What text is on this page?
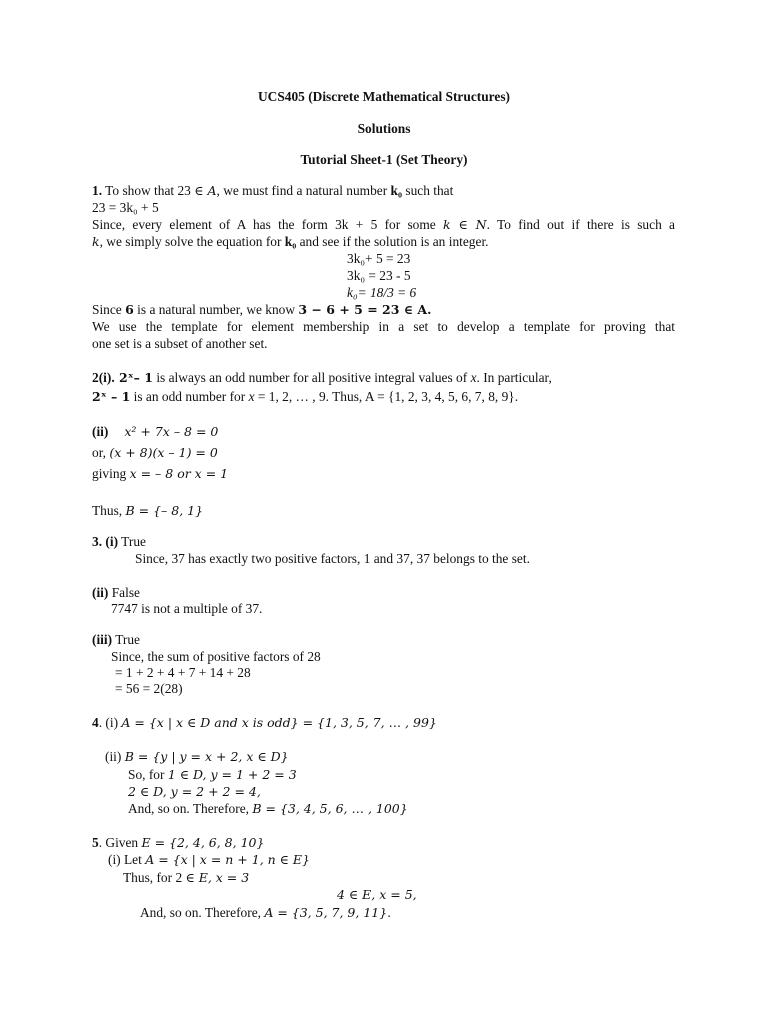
UCS405 (Discrete Mathematical Structures)
Solutions
Tutorial Sheet-1 (Set Theory)
1. To show that 23 ∈ A, we must find a natural number k₀ such that
23 = 3k₀ + 5
Since, every element of A has the form 3k + 5 for some k ∈ N. To find out if there is such a
k, we simply solve the equation for k₀ and see if the solution is an integer.
3k₀+ 5 = 23
3k₀ = 23 - 5
k₀= 18/3 = 6
Since 6 is a natural number, we know 3 − 6 + 5 = 23 ∈ A.
We use the template for element membership in a set to develop a template for proving that
one set is a subset of another set.
2(i). 2ˣ– 1 is always an odd number for all positive integral values of x. In particular,
2ˣ – 1 is an odd number for x = 1, 2, … , 9. Thus, A = {1, 2, 3, 4, 5, 6, 7, 8, 9}.
(ii) x² + 7x – 8 = 0
or, (x + 8)(x – 1) = 0
giving x = – 8 or x = 1
Thus, B = {– 8, 1}
3. (i) True
Since, 37 has exactly two positive factors, 1 and 37, 37 belongs to the set.
(ii) False
7747 is not a multiple of 37.
(iii) True
Since, the sum of positive factors of 28
= 1 + 2 + 4 + 7 + 14 + 28
= 56 = 2(28)
4. (i) A = {x | x ∈ D and x is odd} = {1, 3, 5, 7, … , 99}
(ii) B = {y | y = x + 2, x ∈ D}
So, for 1 ∈ D, y = 1 + 2 = 3
2 ∈ D, y = 2 + 2 = 4,
And, so on. Therefore, B = {3, 4, 5, 6, … , 100}
5. Given E = {2, 4, 6, 8, 10}
(i) Let A = {x | x = n + 1, n ∈ E}
Thus, for 2 ∈ E, x = 3
4 ∈ E, x = 5,
And, so on. Therefore, A = {3, 5, 7, 9, 11}.
